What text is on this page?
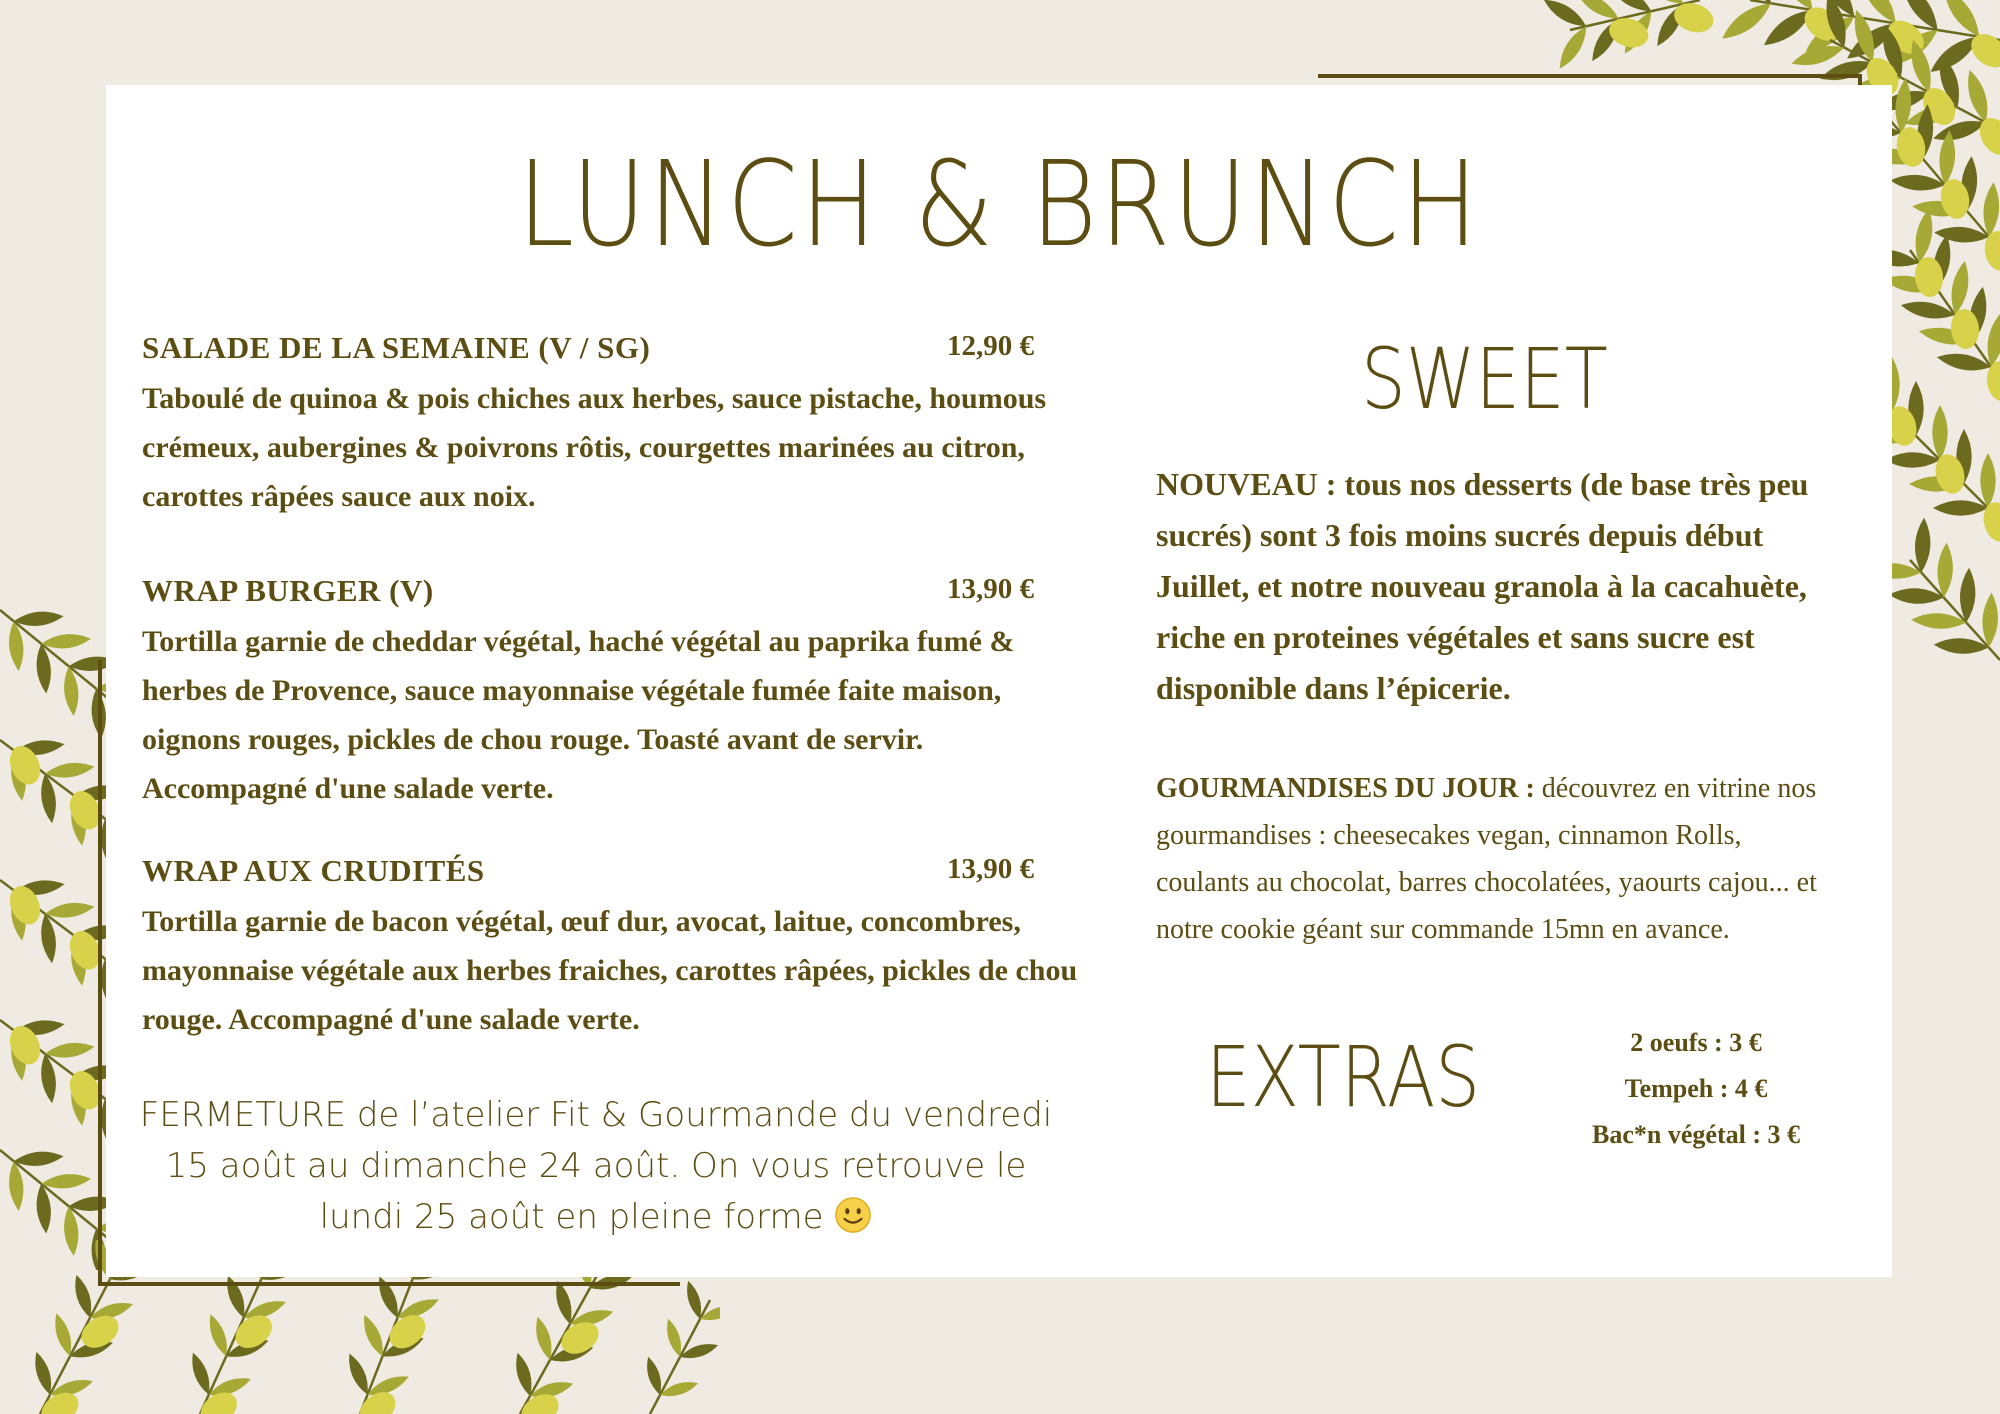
LUNCH & BRUNCH
SALADE DE LA SEMAINE (V / SG)	12,90 €
Taboulé de quinoa & pois chiches aux herbes, sauce pistache, houmous crémeux, aubergines & poivrons rôtis, courgettes marinées au citron, carottes râpées sauce aux noix.
WRAP BURGER (V)	13,90 €
Tortilla garnie de cheddar végétal, haché végétal au paprika fumé & herbes de Provence, sauce mayonnaise végétale fumée faite maison, oignons rouges, pickles de chou rouge. Toasté avant de servir. Accompagné d'une salade verte.
WRAP AUX CRUDITÉS	13,90 €
Tortilla garnie de bacon végétal, œuf dur, avocat, laitue, concombres, mayonnaise végétale aux herbes fraiches, carottes râpées, pickles de chou rouge. Accompagné d'une salade verte.
FERMETURE de l’atelier Fit & Gourmande du vendredi 15 août au dimanche 24 août. On vous retrouve le lundi 25 août en pleine forme
SWEET
NOUVEAU : tous nos desserts (de base très peu sucrés) sont 3 fois moins sucrés depuis début Juillet, et notre nouveau granola à la cacahuète, riche en proteines végétales et sans sucre est disponible dans l’épicerie.
GOURMANDISES DU JOUR : découvrez en vitrine nos gourmandises : cheesecakes vegan, cinnamon Rolls, coulants au chocolat, barres chocolatées, yaourts cajou... et notre cookie géant sur commande 15mn en avance.
EXTRAS	2 oeufs : 3 €
Tempeh : 4 €
Bac*n végétal : 3 €
